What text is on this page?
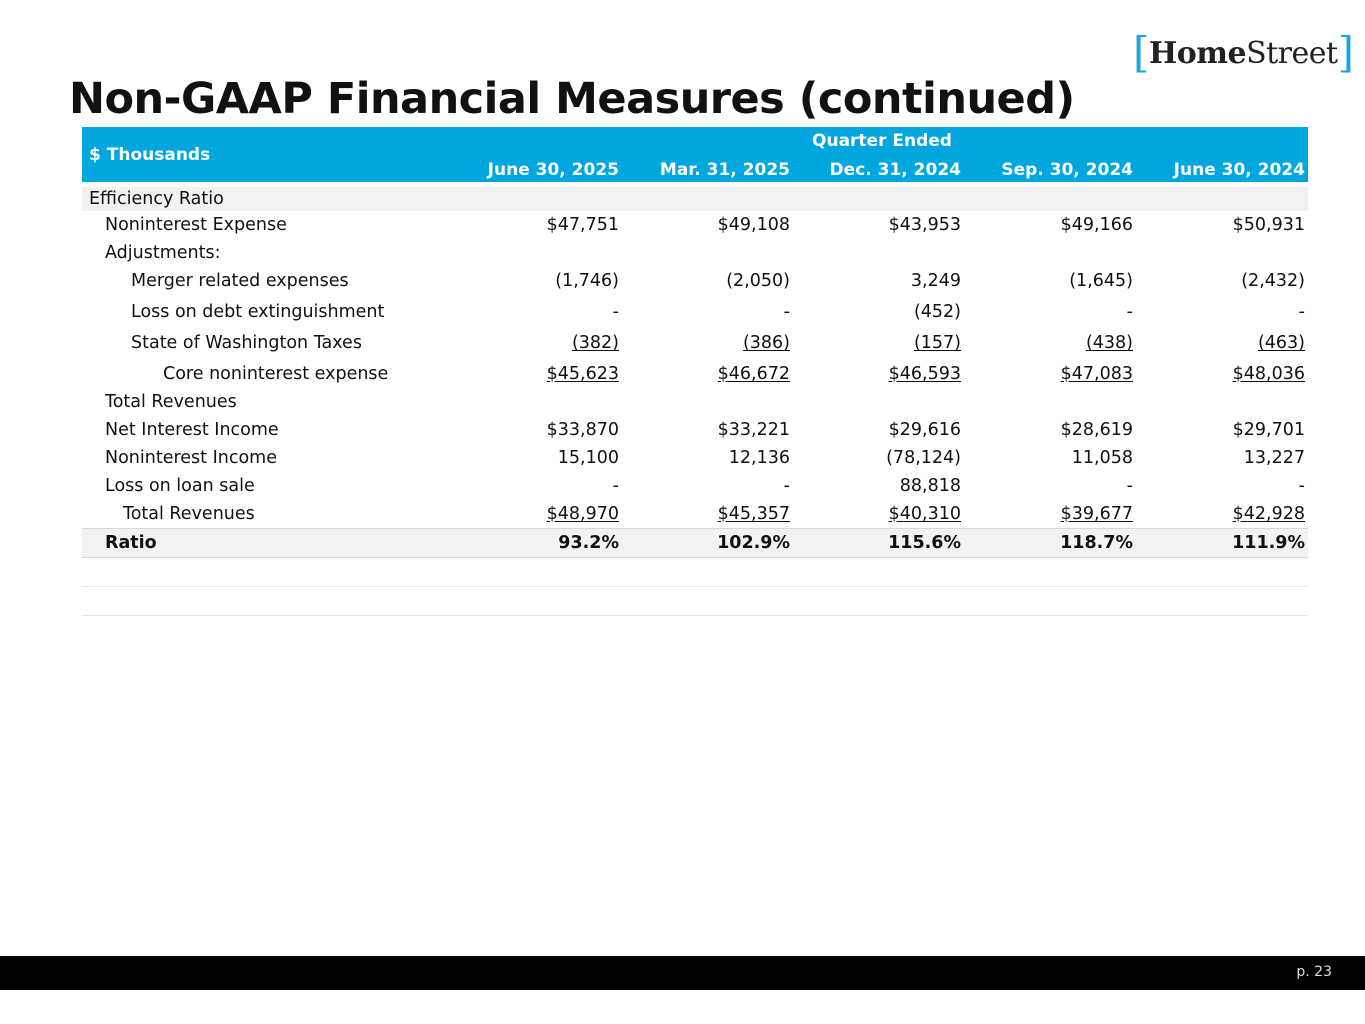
[ Home Street ]
Non-GAAP Financial Measures (continued)
$ Thousands
Quarter Ended
June 30, 2025	Mar. 31, 2025	Dec. 31, 2024	Sep. 30, 2024	June 30, 2024
Efficiency Ratio
Noninterest Expense	$47,751	$49,108	$43,953	$49,166	$50,931
Adjustments:
Merger related expenses	(1,746)	(2,050)	3,249	(1,645)	(2,432)
Loss on debt extinguishment	-	-	(452)	-	-
State of Washington Taxes	(382)	(386)	(157)	(438)	(463)
Core noninterest expense	$45,623	$46,672	$46,593	$47,083	$48,036
Total Revenues
Net Interest Income	$33,870	$33,221	$29,616	$28,619	$29,701
Noninterest Income	15,100	12,136	(78,124)	11,058	13,227
Loss on loan sale	-	-	88,818	-	-
Total Revenues	$48,970	$45,357	$40,310	$39,677	$42,928
Ratio	93.2%	102.9%	115.6%	118.7%	111.9%
p. 23
